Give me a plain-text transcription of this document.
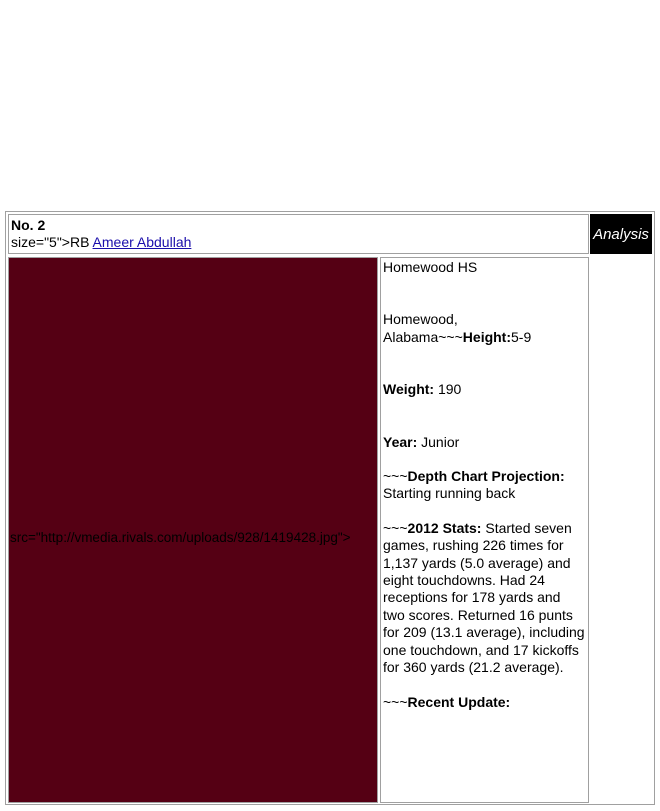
No. 2
size="5">RB Ameer Abdullah	Analysis
src="http://vmedia.rivals.com/uploads/928/1419428.jpg">

Homewood HS

Homewood,
Alabama~~~Height:5-9

Weight: 190

Year: Junior

~~~Depth Chart Projection:
Starting running back

~~~2012 Stats: Started seven games, rushing 226 times for 1,137 yards (5.0 average) and eight touchdowns. Had 24 receptions for 178 yards and two scores. Returned 16 punts for 209 (13.1 average), including one touchdown, and 17 kickoffs for 360 yards (21.2 average).

~~~Recent Update:
